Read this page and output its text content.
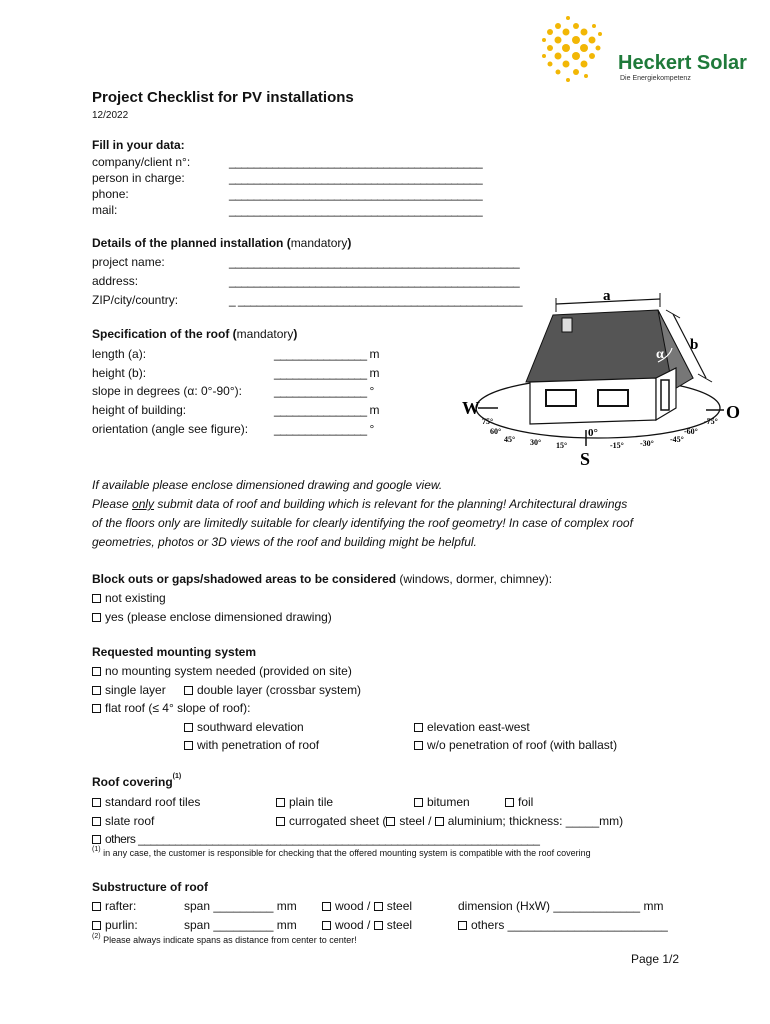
Heckert Solar
Die Energiekompetenz
Project Checklist for PV installations
12/2022
Fill in your data:
company/client n°:	_________________________________________
person in charge:	_________________________________________
phone:	_________________________________________
mail:	_________________________________________
Details of the planned installation (mandatory)
project name:	_______________________________________________
address:	_______________________________________________
ZIP/city/country:	_ ______________________________________________
Specification of the roof (mandatory)
length (a):	_______________ m
height (b):	_______________ m
slope in degrees (α: 0°-90°):	_______________ °
height of building:	_______________ m
orientation (angle see figure): _______________ °
a
b
α
W	O
S
75°
60°
45° 30° 15°
0°
-15° -30° -45°
-60°
-75°
If available please enclose dimensioned drawing and google view.
Please only submit data of roof and building which is relevant for the planning! Architectural drawings
of the floors only are limitedly suitable for clearly identifying the roof geometry! In case of complex roof
geometries, photos or 3D views of the roof and building might be helpful.
Block outs or gaps/shadowed areas to be considered (windows, dormer, chimney):
not existing
yes (please enclose dimensioned drawing)
Requested mounting system
no mounting system needed (provided on site)
single layer	double layer (crossbar system)
flat roof (≤ 4° slope of roof):
southward elevation	elevation east-west
with penetration of roof	w/o penetration of roof (with ballast)
Roof covering$^{(1)}$
standard roof tiles	plain tile	bitumen	foil
slate roof	currogated sheet ( steel / aluminium; thickness: _____mm)
others _________________________________________________________________
$^{(1)}$ in any case, the customer is responsible for checking that the offered mounting system is compatible with the roof covering
Substructure of roof
rafter:	span _________ mm	wood / steel	dimension (HxW) _____________ mm
purlin:	span _________ mm	wood / steel	others ________________________
$^{(2)}$ Please always indicate spans as distance from center to center!
Page 1/2
